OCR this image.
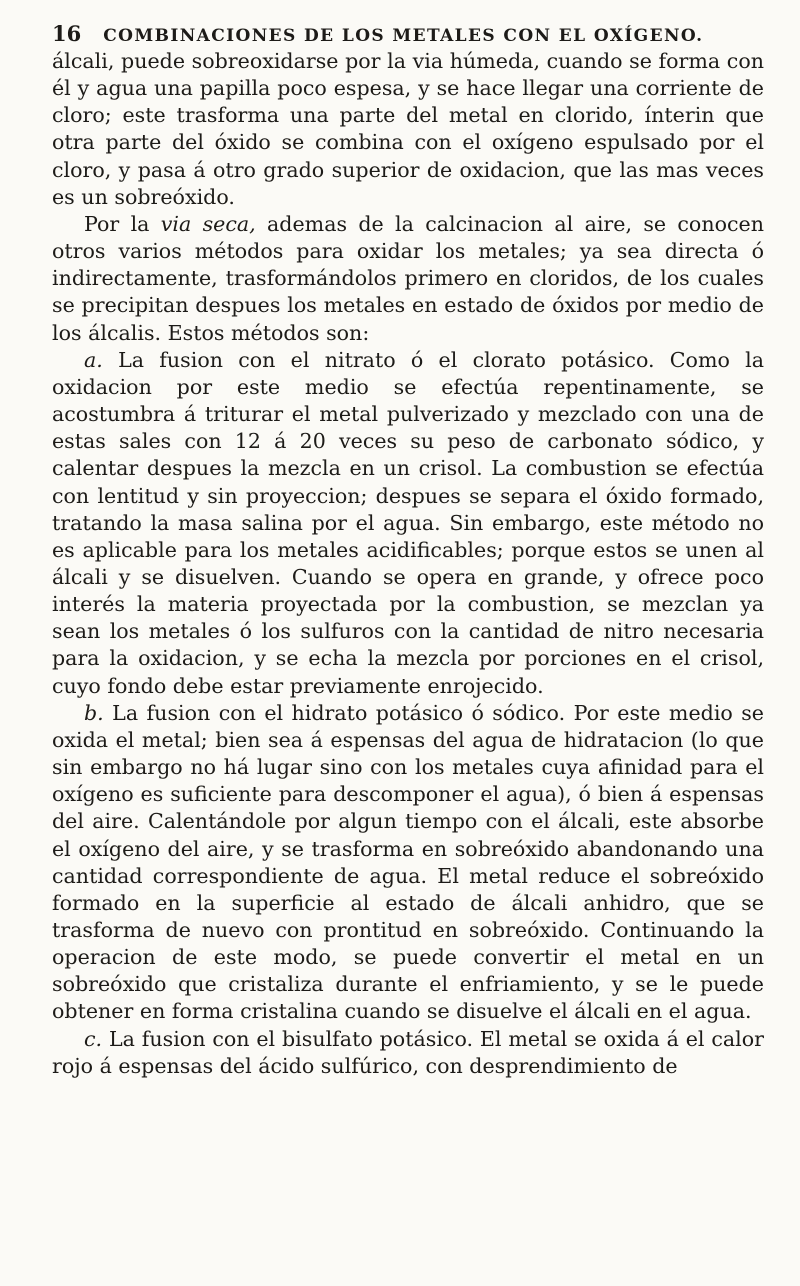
16 COMBINACIONES DE LOS METALES CON EL OXÍGENO.

álcali, puede sobreoxidarse por la via húmeda, cuando se forma con él y agua una papilla poco espesa, y se hace llegar una corriente de cloro; este trasforma una parte del metal en clorido, ínterin que otra parte del óxido se combina con el oxígeno espulsado por el cloro, y pasa á otro grado superior de oxidacion, que las mas veces es un sobreóxido.

Por la via seca, ademas de la calcinacion al aire, se conocen otros varios métodos para oxidar los metales; ya sea directa ó indirectamente, trasformándolos primero en cloridos, de los cuales se precipitan despues los metales en estado de óxidos por medio de los álcalis. Estos métodos son:

a. La fusion con el nitrato ó el clorato potásico. Como la oxidacion por este medio se efectúa repentinamente, se acostumbra á triturar el metal pulverizado y mezclado con una de estas sales con 12 á 20 veces su peso de carbonato sódico, y calentar despues la mezcla en un crisol. La combustion se efectúa con lentitud y sin proyeccion; despues se separa el óxido formado, tratando la masa salina por el agua. Sin embargo, este método no es aplicable para los metales acidificables; porque estos se unen al álcali y se disuelven. Cuando se opera en grande, y ofrece poco interés la materia proyectada por la combustion, se mezclan ya sean los metales ó los sulfuros con la cantidad de nitro necesaria para la oxidacion, y se echa la mezcla por porciones en el crisol, cuyo fondo debe estar previamente enrojecido.

b. La fusion con el hidrato potásico ó sódico. Por este medio se oxida el metal; bien sea á espensas del agua de hidratacion (lo que sin embargo no há lugar sino con los metales cuya afinidad para el oxígeno es suficiente para descomponer el agua), ó bien á espensas del aire. Calentándole por algun tiempo con el álcali, este absorbe el oxígeno del aire, y se trasforma en sobreóxido abandonando una cantidad correspondiente de agua. El metal reduce el sobreóxido formado en la superficie al estado de álcali anhidro, que se trasforma de nuevo con prontitud en sobreóxido. Continuando la operacion de este modo, se puede convertir el metal en un sobreóxido que cristaliza durante el enfriamiento, y se le puede obtener en forma cristalina cuando se disuelve el álcali en el agua.

c. La fusion con el bisulfato potásico. El metal se oxida á el calor rojo á espensas del ácido sulfúrico, con desprendimiento de
